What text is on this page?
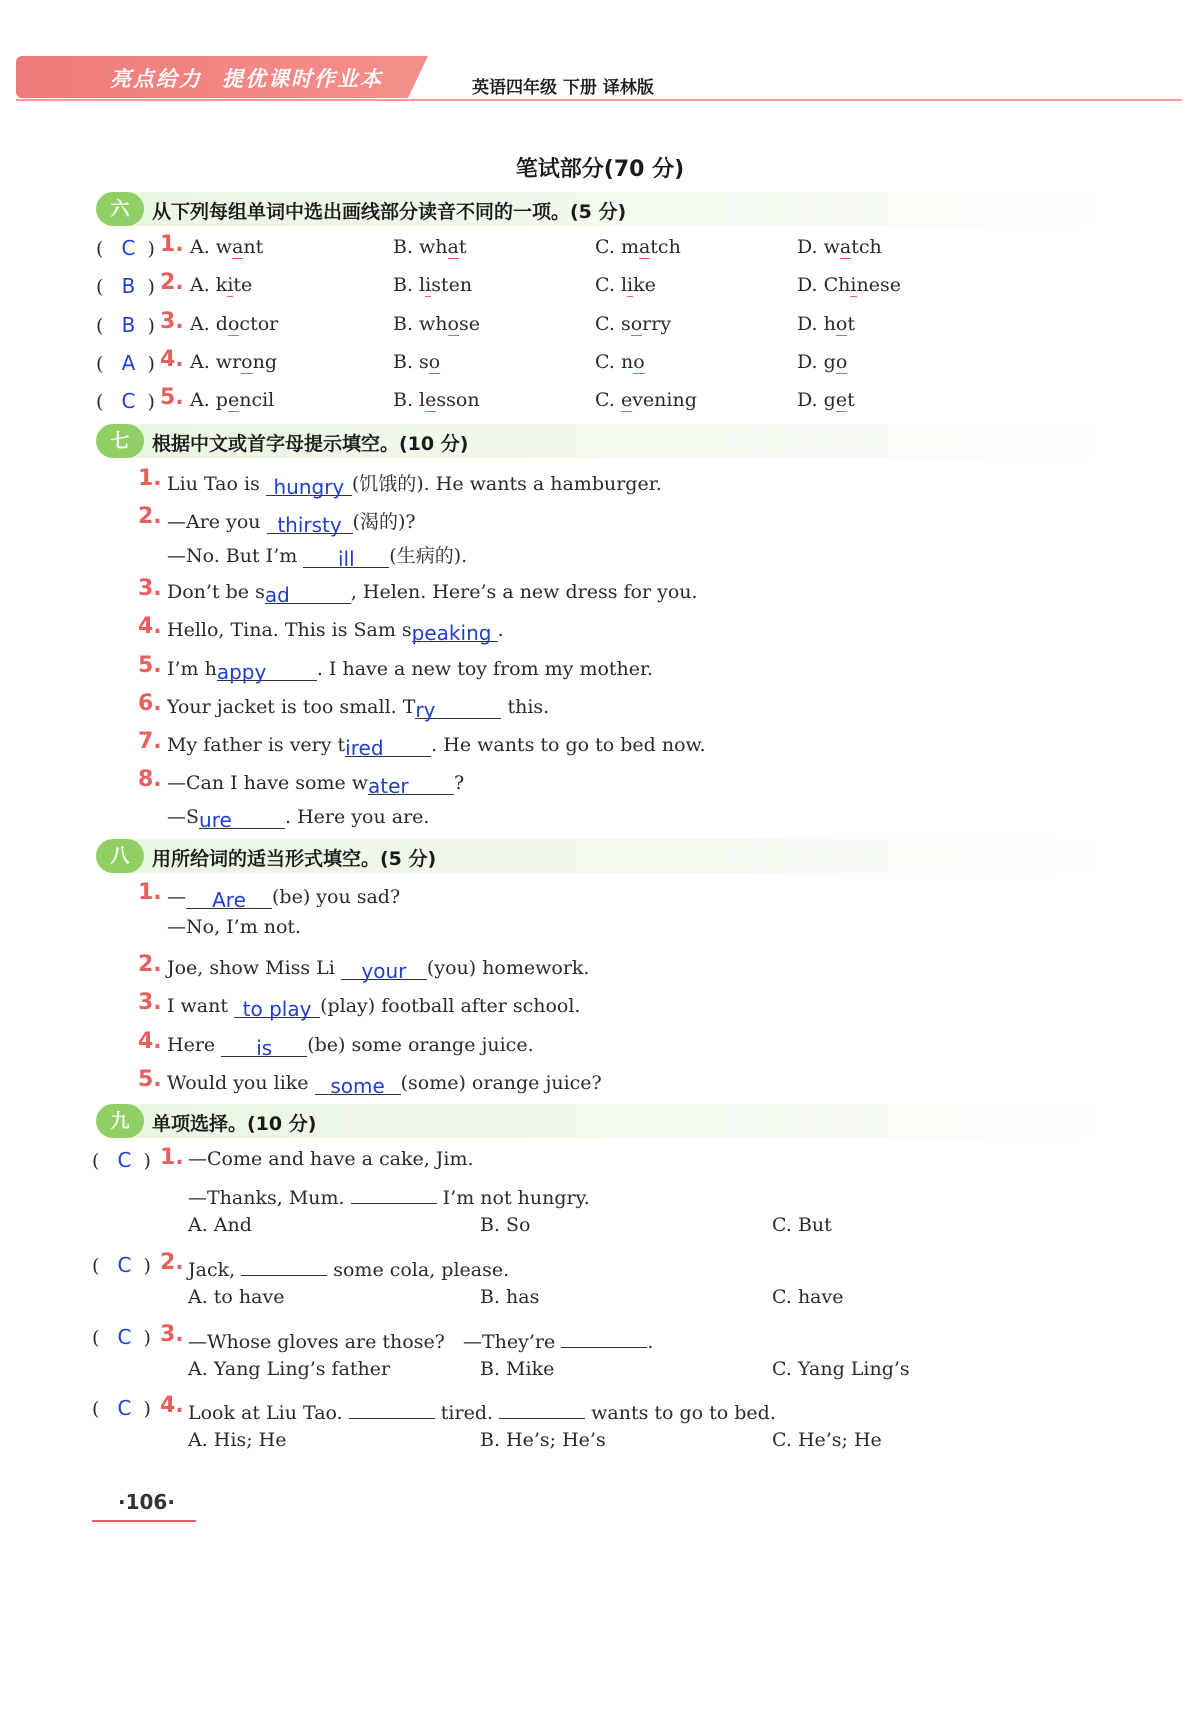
亮点给力 提优课时作业本	英语四年级 下册 译林版
笔试部分(70 分)
六	从下列每组单词中选出画线部分读音不同的一项。(5 分)
(  C ) 1. A. want	B. what	C. match	D. watch
(  B ) 2. A. kite	B. listen	C. like	D. Chinese
(  B ) 3. A. doctor	B. whose	C. sorry	D. hot
(  A ) 4. A. wrong	B. so	C. no	D. go
(  C ) 5. A. pencil	B. lesson	C. evening	D. get
七	根据中文或首字母提示填空。(10 分)
1. Liu Tao is hungry (饥饿的). He wants a hamburger.
2. —Are you thirsty (渴的)?
—No. But I’m ill (生病的).
3. Don’t be sad	, Helen. Here’s a new dress for you.
4. Hello, Tina. This is Sam speaking .
5. I’m happy	. I have a new toy from my mother.
6. Your jacket is too small. Try	this.
7. My father is very tired	. He wants to go to bed now.
8. —Can I have some water ?
—Sure	. Here you are.
八	用所给词的适当形式填空。(5 分)
1. — Are (be) you sad?
—No, I’m not.
2. Joe, show Miss Li your (you) homework.
3. I want to play (play) football after school.
4. Here is (be) some orange juice.
5. Would you like some (some) orange juice?
九	单项选择。(10 分)
(  C ) 1. —Come and have a cake, Jim.
—Thanks, Mum.	I’m not hungry.
A. And	B. So	C. But
(  C ) 2. Jack,	some cola, please.
A. to have	B. has	C. have
(  C ) 3. —Whose gloves are those? —They’re	.
A. Yang Ling’s father	B. Mike	C. Yang Ling’s
(  C ) 4. Look at Liu Tao.	tired.	wants to go to bed.
A. His; He	B. He’s; He’s	C. He’s; He
·106·
